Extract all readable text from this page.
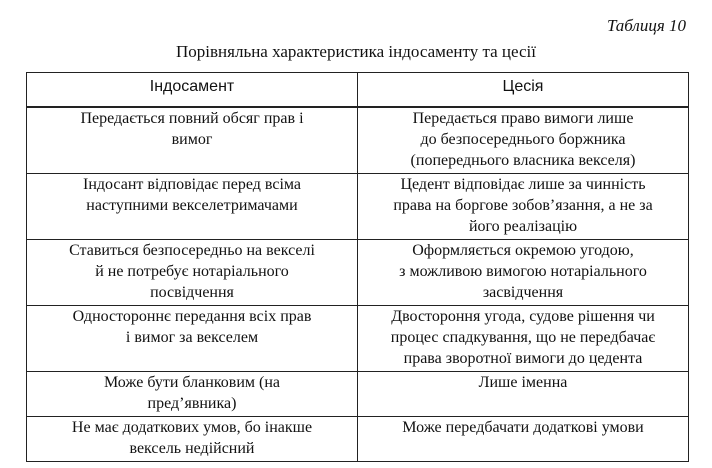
Таблиця 10
Порівняльна характеристика індосаменту та цесії
Індосамент	Цесія

Передається повний обсяг прав і
вимог	Передається право вимоги лише
до безпосереднього боржника
(попереднього власника векселя)

Індосант відповідає перед всіма
наступними векселетримачами	Цедент відповідає лише за чинність
права на боргове зобов’язання, а не за
його реалізацію

Ставиться безпосередньо на векселі
й не потребує нотаріального
посвідчення	Оформляється окремою угодою,
з можливою вимогою нотаріального
засвідчення

Одностороннє передання всіх прав
і вимог за векселем	Двостороння угода, судове рішення чи
процес спадкування, що не передбачає
права зворотної вимоги до цедента

Може бути бланковим (на
пред’явника)	Лише іменна

Не має додаткових умов, бо інакше
вексель недійсний	Може передбачати додаткові умови
